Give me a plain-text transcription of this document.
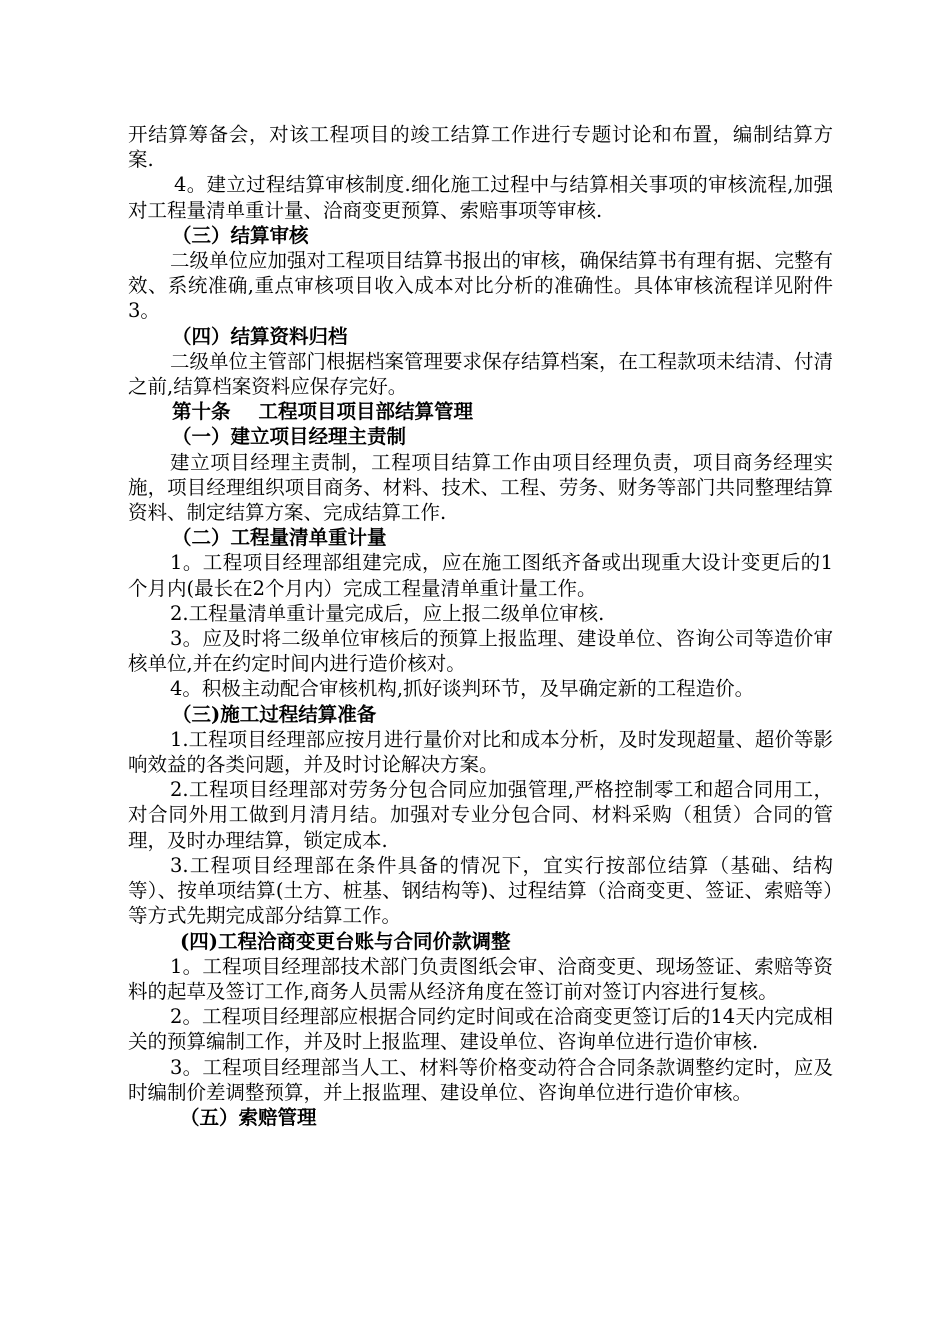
开结算筹备会，对该工程项目的竣工结算工作进行专题讨论和布置，编制结算方案.

4。建立过程结算审核制度.细化施工过程中与结算相关事项的审核流程,加强对工程量清单重计量、洽商变更预算、索赔事项等审核.

（三）结算审核

二级单位应加强对工程项目结算书报出的审核，确保结算书有理有据、完整有效、系统准确,重点审核项目收入成本对比分析的准确性。具体审核流程详见附件3。

（四）结算资料归档

二级单位主管部门根据档案管理要求保存结算档案，在工程款项未结清、付清之前,结算档案资料应保存完好。

第十条 工程项目项目部结算管理

（一）建立项目经理主责制

建立项目经理主责制，工程项目结算工作由项目经理负责，项目商务经理实施，项目经理组织项目商务、材料、技术、工程、劳务、财务等部门共同整理结算资料、制定结算方案、完成结算工作.

（二）工程量清单重计量

1。工程项目经理部组建完成，应在施工图纸齐备或出现重大设计变更后的1个月内(最长在2个月内）完成工程量清单重计量工作。

2.工程量清单重计量完成后，应上报二级单位审核.

3。应及时将二级单位审核后的预算上报监理、建设单位、咨询公司等造价审核单位,并在约定时间内进行造价核对。

4。积极主动配合审核机构,抓好谈判环节，及早确定新的工程造价。

（三)施工过程结算准备

1.工程项目经理部应按月进行量价对比和成本分析，及时发现超量、超价等影响效益的各类问题，并及时讨论解决方案。

2.工程项目经理部对劳务分包合同应加强管理,严格控制零工和超合同用工，对合同外用工做到月清月结。加强对专业分包合同、材料采购（租赁）合同的管理，及时办理结算，锁定成本.

3.工程项目经理部在条件具备的情况下，宜实行按部位结算（基础、结构等）、按单项结算(土方、桩基、钢结构等)、过程结算（洽商变更、签证、索赔等）等方式先期完成部分结算工作。

(四)工程洽商变更台账与合同价款调整

1。工程项目经理部技术部门负责图纸会审、洽商变更、现场签证、索赔等资料的起草及签订工作,商务人员需从经济角度在签订前对签订内容进行复核。

2。工程项目经理部应根据合同约定时间或在洽商变更签订后的14天内完成相关的预算编制工作，并及时上报监理、建设单位、咨询单位进行造价审核.

3。工程项目经理部当人工、材料等价格变动符合合同条款调整约定时，应及时编制价差调整预算，并上报监理、建设单位、咨询单位进行造价审核。

（五）索赔管理
